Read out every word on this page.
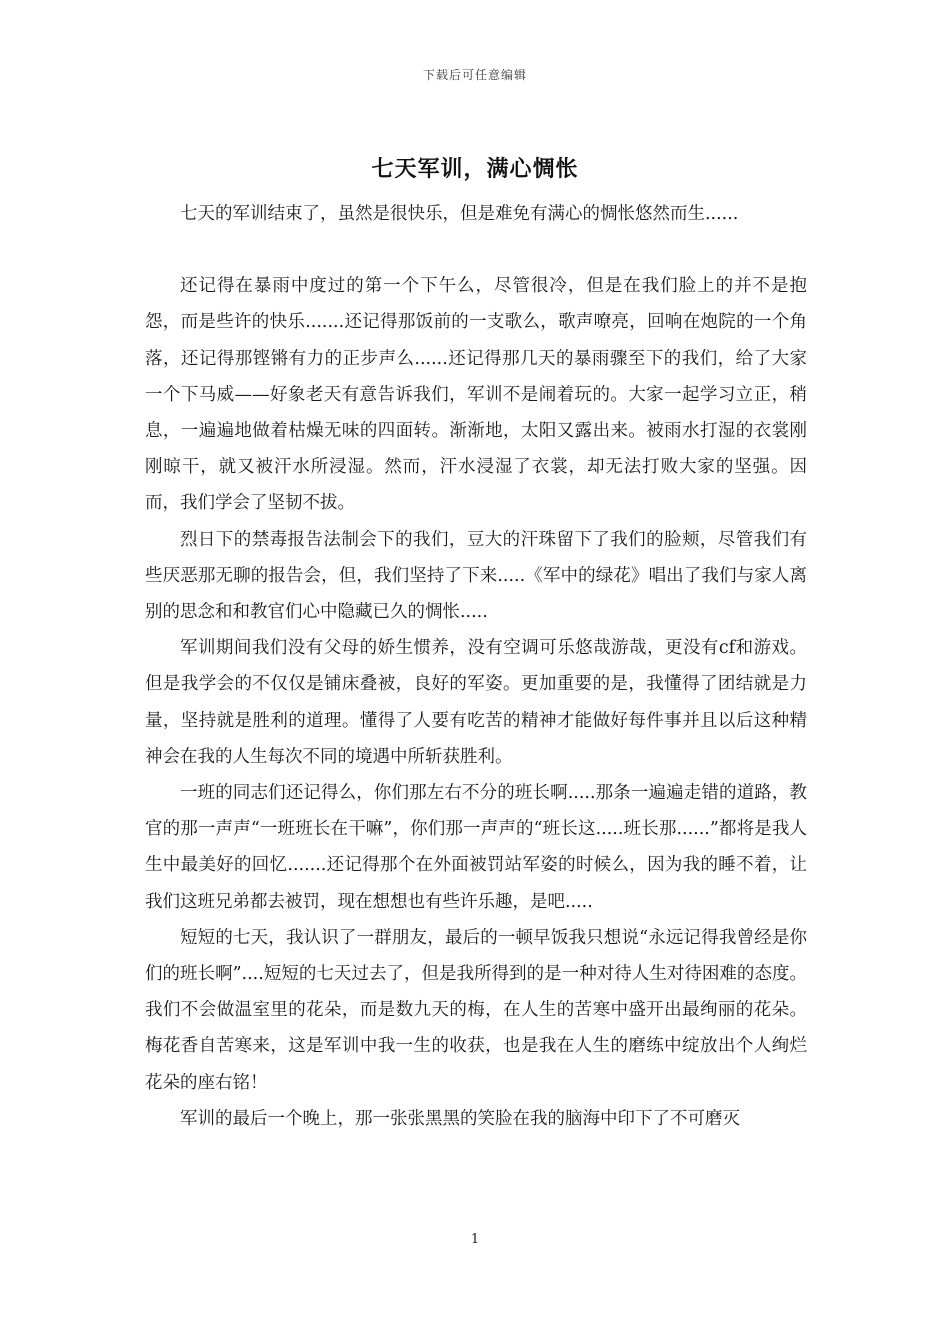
下载后可任意编辑
七天军训，满心惆怅

七天的军训结束了，虽然是很快乐，但是难免有满心的惆怅悠然而生......

还记得在暴雨中度过的第一个下午么，尽管很冷，但是在我们脸上的并不是抱怨，而是些许的快乐.......还记得那饭前的一支歌么，歌声嘹亮，回响在炮院的一个角落，还记得那铿锵有力的正步声么......还记得那几天的暴雨骤至下的我们，给了大家一个下马威——好象老天有意告诉我们，军训不是闹着玩的。大家一起学习立正，稍息，一遍遍地做着枯燥无味的四面转。渐渐地，太阳又露出来。被雨水打湿的衣裳刚刚晾干，就又被汗水所浸湿。然而，汗水浸湿了衣裳，却无法打败大家的坚强。因而，我们学会了坚韧不拔。

烈日下的禁毒报告法制会下的我们，豆大的汗珠留下了我们的脸颊，尽管我们有些厌恶那无聊的报告会，但，我们坚持了下来.....《军中的绿花》唱出了我们与家人离别的思念和和教官们心中隐藏已久的惆怅.....

军训期间我们没有父母的娇生惯养，没有空调可乐悠哉游哉，更没有cf和游戏。但是我学会的不仅仅是铺床叠被，良好的军姿。更加重要的是，我懂得了团结就是力量，坚持就是胜利的道理。懂得了人要有吃苦的精神才能做好每件事并且以后这种精神会在我的人生每次不同的境遇中所斩获胜利。

一班的同志们还记得么，你们那左右不分的班长啊.....那条一遍遍走错的道路，教官的那一声声“一班班长在干嘛”，你们那一声声的“班长这.....班长那......”都将是我人生中最美好的回忆.......还记得那个在外面被罚站军姿的时候么，因为我的睡不着，让我们这班兄弟都去被罚，现在想想也有些许乐趣，是吧.....

短短的七天，我认识了一群朋友，最后的一顿早饭我只想说“永远记得我曾经是你们的班长啊”....短短的七天过去了，但是我所得到的是一种对待人生对待困难的态度。我们不会做温室里的花朵，而是数九天的梅，在人生的苦寒中盛开出最绚丽的花朵。梅花香自苦寒来，这是军训中我一生的收获，也是我在人生的磨练中绽放出个人绚烂花朵的座右铭！

军训的最后一个晚上，那一张张黑黑的笑脸在我的脑海中印下了不可磨灭

1
